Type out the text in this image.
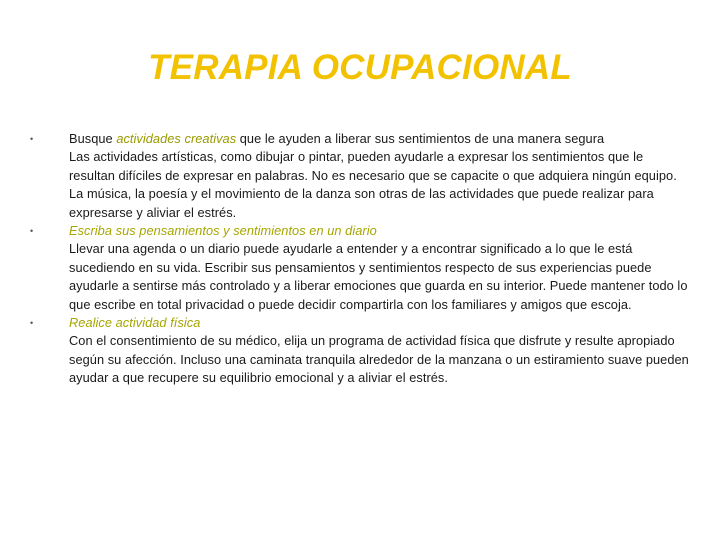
TERAPIA OCUPACIONAL
•	Busque actividades creativas que le ayuden a liberar sus sentimientos de una manera segura
Las actividades artísticas, como dibujar o pintar, pueden ayudarle a expresar los sentimientos que le resultan difíciles de expresar en palabras. No es necesario que se capacite o que adquiera ningún equipo. La música, la poesía y el movimiento de la danza son otras de las actividades que puede realizar para expresarse y aliviar el estrés.
•	Escriba sus pensamientos y sentimientos en un diario
Llevar una agenda o un diario puede ayudarle a entender y a encontrar significado a lo que le está sucediendo en su vida. Escribir sus pensamientos y sentimientos respecto de sus experiencias puede ayudarle a sentirse más controlado y a liberar emociones que guarda en su interior. Puede mantener todo lo que escribe en total privacidad o puede decidir compartirla con los familiares y amigos que escoja.
•	Realice actividad física
Con el consentimiento de su médico, elija un programa de actividad física que disfrute y resulte apropiado según su afección. Incluso una caminata tranquila alrededor de la manzana o un estiramiento suave pueden ayudar a que recupere su equilibrio emocional y a aliviar el estrés.
